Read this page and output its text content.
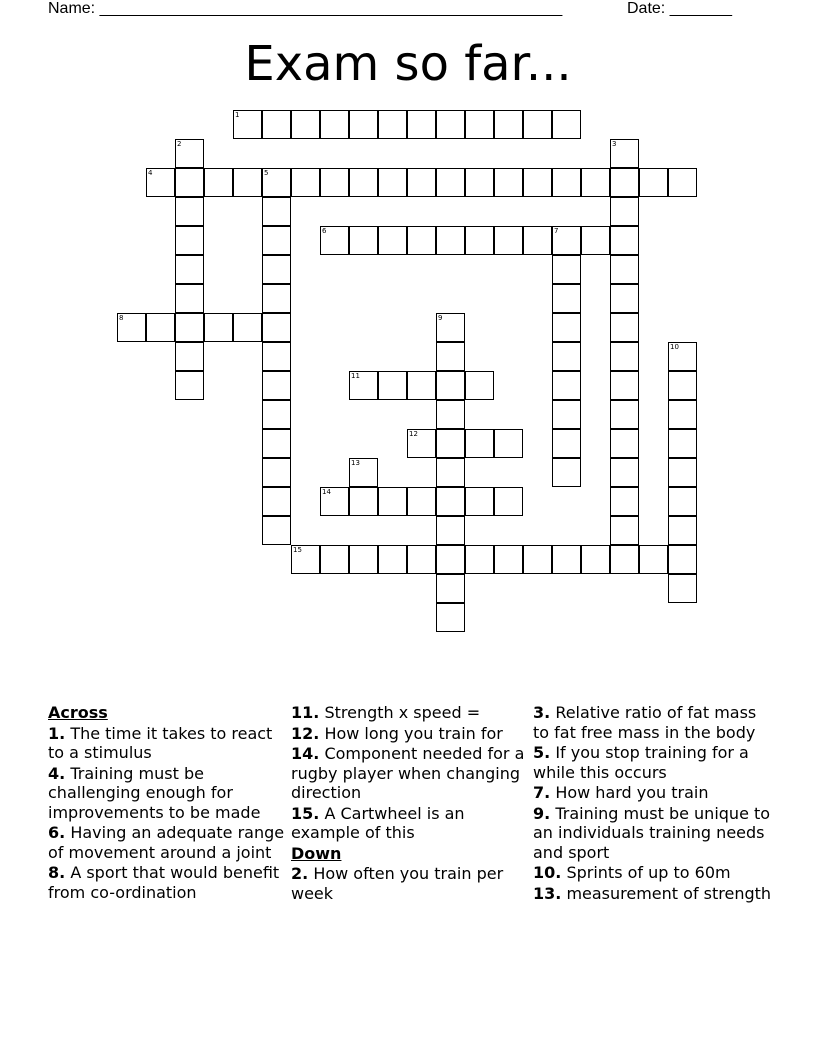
Name: ____________________________________________________	Date: _______
Exam so far...
1
2	3
4	5
6	7
8	9
10
11
12
13
14
15
Across
1. The time it takes to react to a stimulus
4. Training must be challenging enough for improvements to be made
6. Having an adequate range of movement around a joint
8. A sport that would benefit from co-ordination
11. Strength x speed =
12. How long you train for
14. Component needed for a rugby player when changing direction
15. A Cartwheel is an example of this
Down
2. How often you train per week
3. Relative ratio of fat mass to fat free mass in the body
5. If you stop training for a while this occurs
7. How hard you train
9. Training must be unique to an individuals training needs and sport
10. Sprints of up to 60m
13. measurement of strength
